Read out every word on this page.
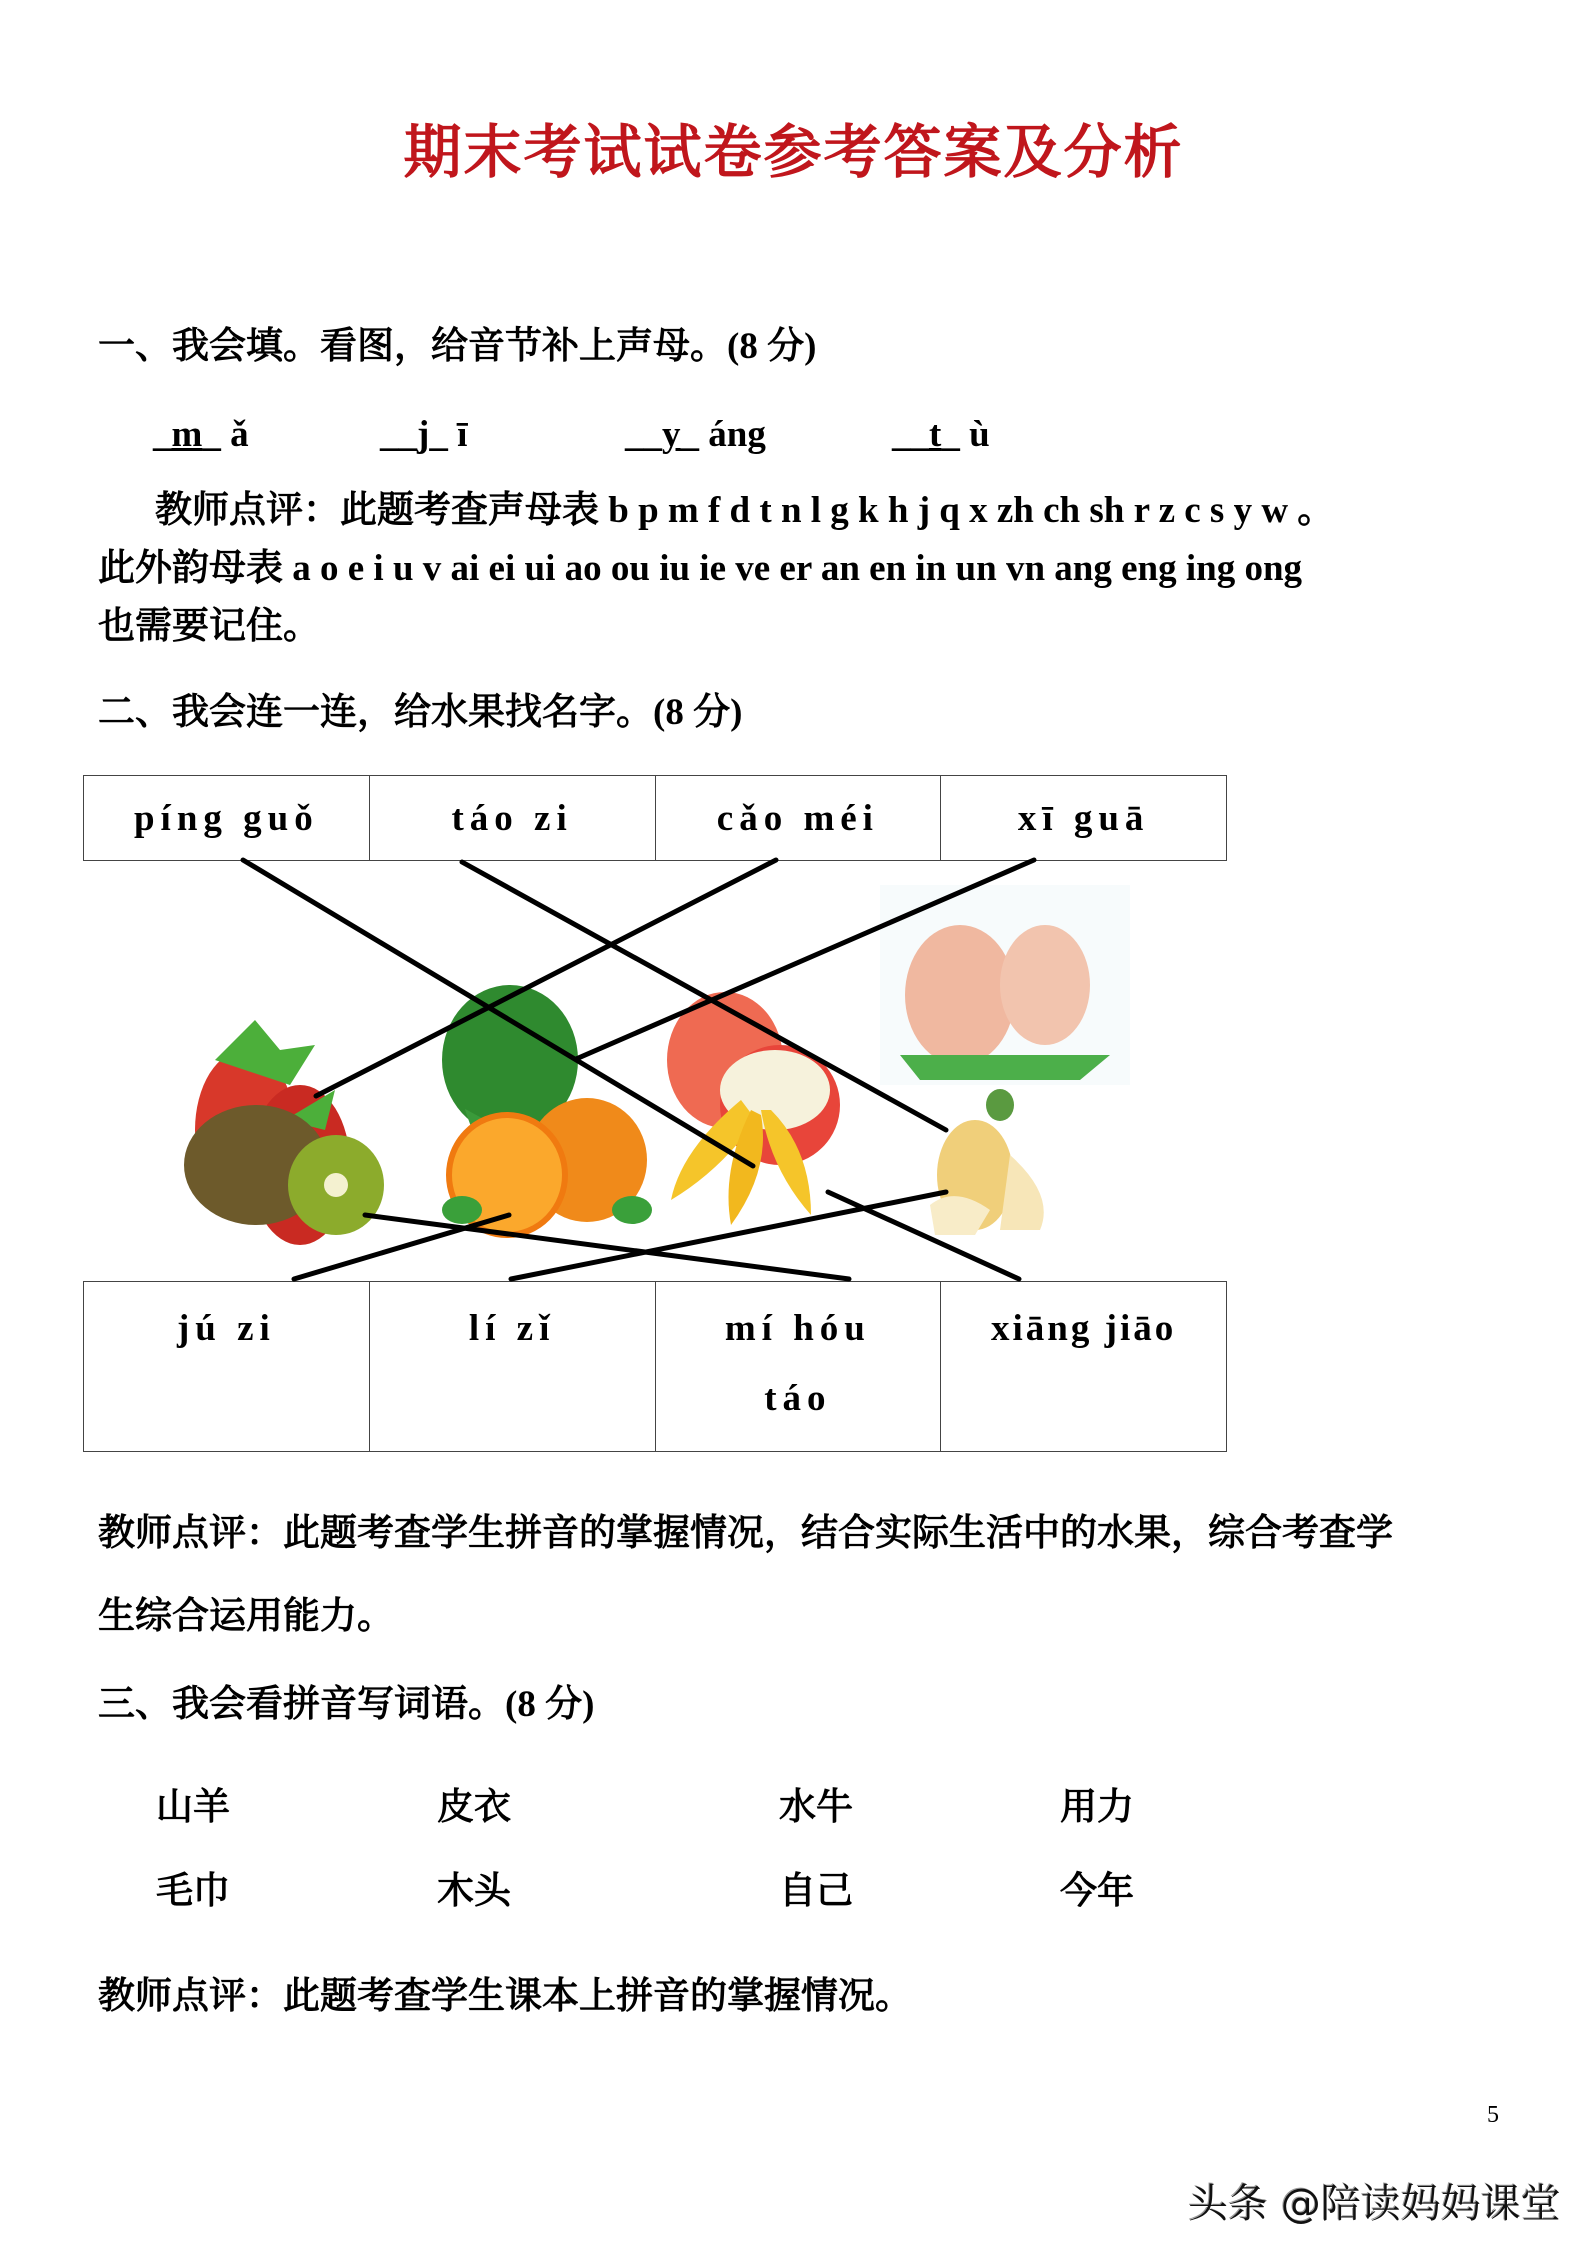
期末考试试卷参考答案及分析
一、我会填。看图，给音节补上声母。(8 分)
_m_ ǎ	__j_ ī	__y_ áng	__t_ ù
教师点评：此题考查声母表 b p m f d t n l g k h j q x zh ch sh r z c s y w 。
此外韵母表 a o e i u v ai ei ui ao ou iu ie ve er an en in un vn ang eng ing ong
也需要记住。
二、我会连一连，给水果找名字。(8 分)
píng guǒ	táo zi	cǎo méi	xī guā
jú zi	lí zǐ	mí hóu táo	xiāng jiāo
教师点评：此题考查学生拼音的掌握情况，结合实际生活中的水果，综合考查学
生综合运用能力。
三、我会看拼音写词语。(8 分)
山羊	皮衣	水牛	用力
毛巾	木头	自己	今年
教师点评：此题考查学生课本上拼音的掌握情况。
5
头条 @陪读妈妈课堂
